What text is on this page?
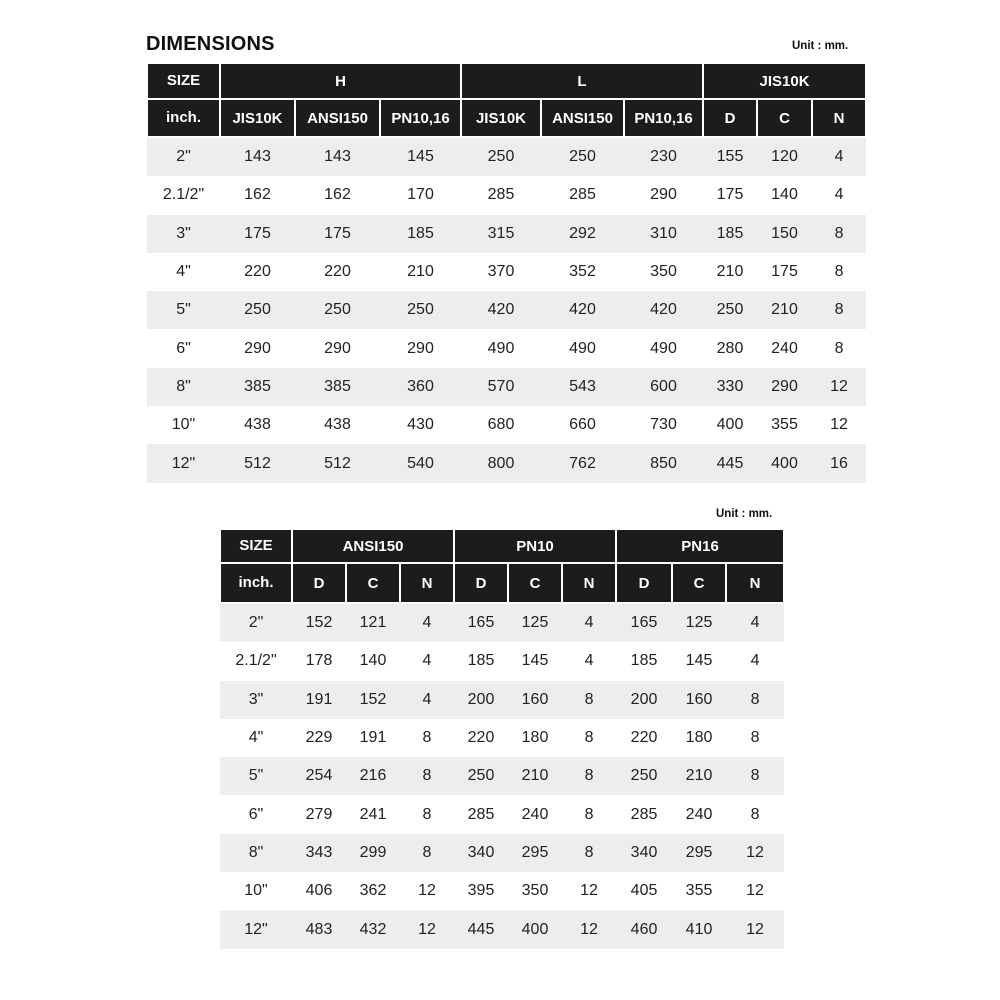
DIMENSIONS	Unit : mm.
Unit : mm.
SIZE	H			L			JIS10K		
inch.	JIS10K	ANSI150	PN10,16	JIS10K	ANSI150	PN10,16	D	C	N
2"	143	143	145	250	250	230	155	120	4
2.1/2"	162	162	170	285	285	290	175	140	4
3"	175	175	185	315	292	310	185	150	8
4"	220	220	210	370	352	350	210	175	8
5"	250	250	250	420	420	420	250	210	8
6"	290	290	290	490	490	490	280	240	8
8"	385	385	360	570	543	600	330	290	12
10"	438	438	430	680	660	730	400	355	12
12"	512	512	540	800	762	850	445	400	16
SIZE	ANSI150			PN10			PN16		
inch.	D	C	N	D	C	N	D	C	N
2"	152	121	4	165	125	4	165	125	4
2.1/2"	178	140	4	185	145	4	185	145	4
3"	191	152	4	200	160	8	200	160	8
4"	229	191	8	220	180	8	220	180	8
5"	254	216	8	250	210	8	250	210	8
6"	279	241	8	285	240	8	285	240	8
8"	343	299	8	340	295	8	340	295	12
10"	406	362	12	395	350	12	405	355	12
12"	483	432	12	445	400	12	460	410	12
